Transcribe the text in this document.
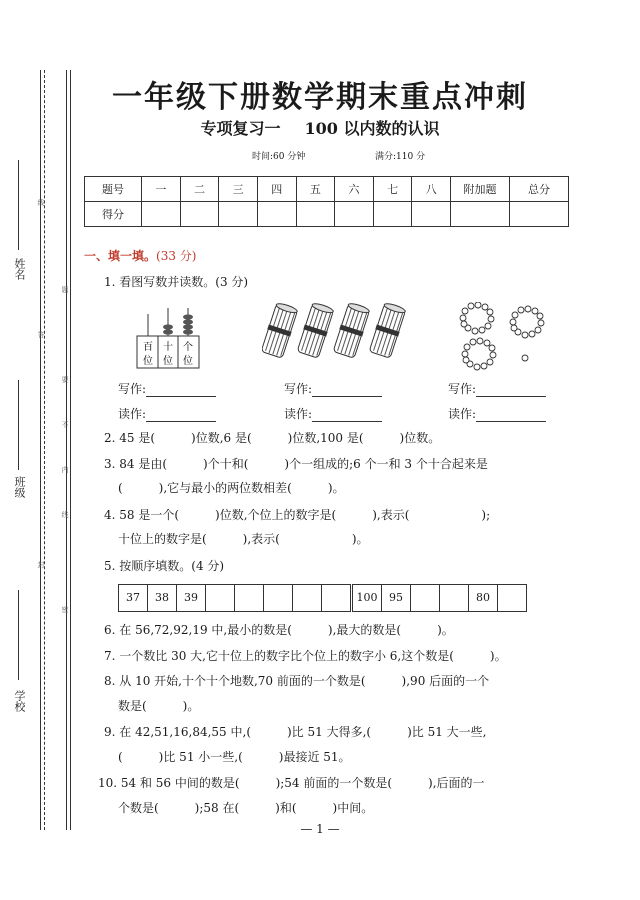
姓名
班级
学校
线
题
答
要
不
内
线
封
密
一年级下册数学期末重点冲刺
专项复习一 100 以内数的认识
时间:60 分钟	满分:110 分
题号	一	二	三	四	五	六	七	八	附加题	总分
得分										
一、填一填。(33 分)
1. 看图写数并读数。(3 分)
百 十 个
位 位 位
写作:
读作:
写作:
读作:
写作:
读作:
2. 45 是(　　　)位数,6 是(　　　)位数,100 是(　　　)位数。
3. 84 是由(　　　)个十和(　　　)个一组成的;6 个一和 3 个十合起来是
(　　　),它与最小的两位数相差(　　　)。
4. 58 是一个(　　　)位数,个位上的数字是(　　　),表示(　　　　　　);
十位上的数字是(　　　),表示(　　　　　　)。
5. 按顺序填数。(4 分)
37	38	39	100	95	80
6. 在 56,72,92,19 中,最小的数是(　　　),最大的数是(　　　)。
7. 一个数比 30 大,它十位上的数字比个位上的数字小 6,这个数是(　　　)。
8. 从 10 开始,十个十个地数,70 前面的一个数是(　　　),90 后面的一个
数是(　　　)。
9. 在 42,51,16,84,55 中,(　　　)比 51 大得多,(　　　)比 51 大一些,
(　　　)比 51 小一些,(　　　)最接近 51。
10. 54 和 56 中间的数是(　　　);54 前面的一个数是(　　　),后面的一
个数是(　　　);58 在(　　　)和(　　　)中间。
— 1 —
